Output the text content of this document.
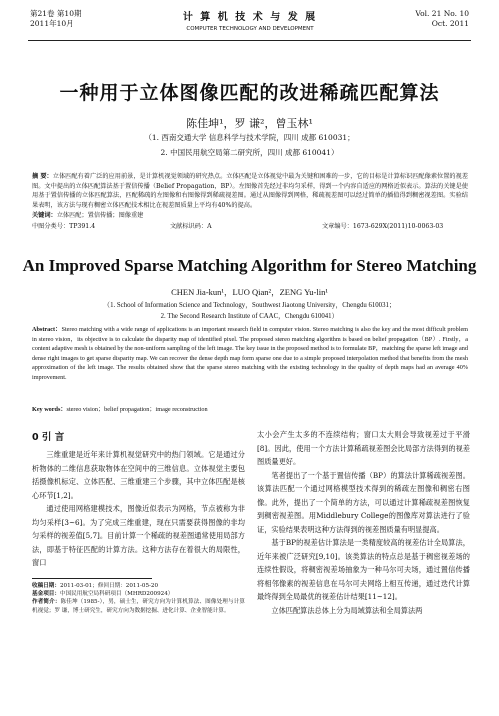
第21卷 第10期
2011年10月
计 算 机 技 术 与 发 展
COMPUTER TECHNOLOGY AND DEVELOPMENT
Vol. 21 No. 10
Oct. 2011
一种用于立体图像匹配的改进稀疏匹配算法
陈佳坤¹，罗 谦²，曾玉林¹
（1. 西南交通大学 信息科学与技术学院，四川 成都 610031；
2. 中国民用航空局第二研究所，四川 成都 610041）
摘 要：立体匹配有着广泛的应用前景，是计算机视觉领域的研究热点。立体匹配是立体视觉中最为关键和困难的一步，它的目标是计算标识匹配像素位置的视差图。文中提出的立体匹配算法基于置信传播（Belief Propagation，BP）。左图像首先经过非均匀采样，得到一个内容自适应的网格近似表示。算法的关键是使用基于置信传播的立体匹配算法，匹配稀疏的左图像和右图像得到稀疏视差图。通过从图像得到网格，稀疏视差图可以经过简单的插值得到稠密视差图。实验结果表明，该方法与现有稠密立体匹配技术相比在视差图质量上平均有40%的提高。
关键词：立体匹配；置信传播；图像重建
中图分类号：TP391.4	文献标识码：A	文章编号：1673-629X(2011)10-0063-03
An Improved Sparse Matching Algorithm for Stereo Matching
CHEN Jia-kun¹，LUO Qian²，ZENG Yu-lin¹
（1. School of Information Science and Technology，Southwest Jiaotong University，Chengdu 610031；
2. The Second Research Institute of CAAC，Chengdu 610041）
Abstract：Stereo matching with a wide range of applications is an important research field in computer vision. Stereo matching is also the key and the most difficult problem in stereo vision，its objective is to calculate the disparity map of identified pixel. The proposed stereo matching algorithm is based on belief propagation（BP）. Firstly，a content adaptive mesh is obtained by the non-uniform sampling of the left image. The key issue in the proposed method is to formulate BP，matching the sparse left image and dense right images to get sparse disparity map. We can recover the dense depth map form sparse one due to a simple proposed interpolation method that benefits from the mesh approximation of the left image. The results obtained show that the sparse stereo matching with the existing technology in the quality of depth maps had an average 40% improvement.
Key words：stereo vision；belief propagation；image reconstruction
0 引 言

三维重建是近年来计算机视觉研究中的热门领域。它是通过分析物体的二维信息获取物体在空间中的三维信息。立体视觉主要包括摄像机标定、立体匹配、三维重建三个步骤，其中立体匹配是核心环节[1,2]。

通过使用网格建模技术，图像近似表示为网格，节点被称为非均匀采样[3~6]。为了完成三维重建，现在只需要获得图像的非均匀采样的视差值[5,7]。目前计算一个稀疏的视差图通常使用局部方法，即基于特征匹配的计算方法。这种方法存在着很大的局限性，窗口

收稿日期：2011-03-01；修回日期：2011-05-20
基金项目：中国民用航空局科研项目（MHRD200924）
作者简介：陈佳坤（1985-），男，硕士生，研究方向为计算机算法、图像处理与计算机视觉；罗 谦，博士研究生，研究方向为数据挖掘、进化计算、企业智能计算。

太小会产生太多的不连续结构；窗口太大则会导致视差过于平滑[8]。因此，使用一个方法计算稀疏视差图会比局部方法得到的视差图质量更好。

笔者提出了一个基于置信传播（BP）的算法计算稀疏视差图。该算法匹配一个通过网格模型技术得到的稀疏左图像和稠密右图像。此外，提出了一个简单的方法，可以通过计算稀疏视差图恢复到稠密视差图。用Middlebury College的图像库对算法进行了验证，实验结果表明这种方法得到的视差图质量有明显提高。

基于BP的视差估计算法是一类精度较高的视差估计全局算法，近年来被广泛研究[9,10]。该类算法的特点总是基于稠密视差场的连续性假设，将稠密视差场抽象为一种马尔可夫场，通过置信传播将相邻像素的视差信息在马尔可夫网络上相互传递，通过迭代计算最终得到全局最优的视差估计结果[11~12]。

立体匹配算法总体上分为局域算法和全局算法两
